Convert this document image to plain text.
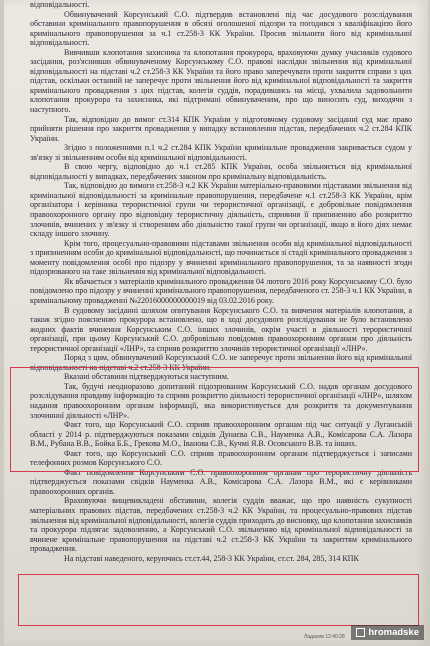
відповідальності.

Обвинувачений Корсунський С.О. підтвердив встановлені під час досудового розслідування обставини кримінального правопорушення в обсязі оголошеної підозри та погодився з кваліфікацією його кримінального правопорушення за ч.1 ст.258-3 КК України. Просив звільнити його від кримінальної відповідальності.

Вивчивши клопотання захисника та клопотання прокурора, враховуючи думку учасників судового засідання, роз'яснивши обвинуваченому Корсунському С.О. правові наслідки звільнення від кримінальної відповідальності на підставі ч.2 ст.258-3 КК України та його право заперечувати проти закриття справи з цих підстав, оскільки останній не заперечує проти звільнення його від кримінальної відповідальності та закриття кримінального провадження з цих підстав, колегія суддів, порадившись на місці, ухвалила задовольнити клопотання прокурора та захисника, які підтримані обвинуваченим, про що виносить суд, виходячи з наступного.

Так, відповідно до вимог ст.314 КПК України у підготовчому судовому засіданні суд має право прийняти рішення про закриття провадження у випадку встановлення підстав, передбачених ч.2 ст.284 КПК України.

Згідно з положеннями п.1 ч.2 ст.284 КПК України кримінальне провадження закривається судом у зв'язку зі звільненням особи від кримінальної відповідальності.

В свою чергу, відповідно до ч.1 ст.285 КПК України, особа звільняється від кримінальної відповідальності у випадках, передбачених законом про кримінальну відповідальність.

Так, відповідно до вимоги ст.258-3 ч.2 КК України матеріально-правовими підставами звільнення від кримінальної відповідальності за кримінальне правопорушення, передбачене ч.1 ст.258-3 КК України, крім організатора і керівника терористичної групи чи терористичної організації, є добровільне повідомлення правоохоронного органу про відповідну терористичну діяльність, сприяння її припиненню або розкриттю злочинів, вчинених у зв'язку зі створенням або діяльністю такої групи чи організації, якщо в його діях немає складу іншого злочину.

Крім того, процесуально-правовими підставами звільнення особи від кримінальної відповідальності з припиненням особи до кримінальної відповідальності, що починається зі стадії кримінального провадження з моменту повідомлення особі про підозру у вчиненні кримінального правопорушення, та за наявності згоди підозрюваного на таке звільнення від кримінальної відповідальності.

Як вбачається з матеріалів кримінального провадження 04 лютого 2016 року Корсунському С.О. було повідомлено про підозру у вчиненні кримінального правопорушення, передбаченого ст. 258-3 ч.1 КК України, в кримінальному провадженні №22016000000000019 від 03.02.2016 року.

В судовому засіданні шляхом опитування Корсунського С.О. та вивчення матеріалів клопотання, а також згідно поясненню прокурора встановлено, що в ході досудового розслідування не було встановлено жодних фактів вчинення Корсунським С.О. інших злочинів, окрім участі в діяльності терористичної організації, при цьому Корсунський С.О. добровільно повідомив правоохоронним органам про діяльність терористичної організації «ЛНР», та сприяв розкриттю злочинів терористичної організації «ЛНР».

Поряд з цим, обвинувачений Корсунський С.О. не заперечує проти звільнення його від кримінальної відповідальності на підставі ч.2 ст.258-3 КК України.

Вказані обставини підтверджуються наступним.

Так, будучі неодноразово допитаний підозрюваним Корсунський С.О. надав органам досудового розслідування правдиву інформацію та сприяв розкриттю діяльності терористичної організації «ЛНР», шляхом надання правоохоронним органам інформації, яка використовується для розкриття та документування злочинної діяльності «ЛНР».

Факт того, що Корсунський С.О. сприяв правоохоронним органам під час ситуації у Луганській області у 2014 р. підтверджуються показами свідків Дунаєва С.В., Науменка А.В., Комісарова С.А. Лазора В.М., Рубана В.В., Бойка Б.Б., Грекова М.О., Іванова С.В., Кучмі Я.В. Осовського В.В. та інших.

Факт того, що Корсунський С.О. сприяв правоохоронним органам підтверджується і записами телефонних розмов Корсунського С.О.

Факт повідомлення Корсунським С.О. правоохоронним органам про терористичну діяльність підтверджується показами свідків Науменка А.В., Комісарова С.А. Лазора В.М., які є керівниками правоохоронних органів.

Враховуючи вищевикладені обставини, колегія суддів вважає, що про наявність сукупності матеріальних правових підстав, передбачених ст.258-3 ч.2 КК України, та процесуально-правових підстав звільнення від кримінальної відповідальності, колегія суддів приходить до висновку, що клопотання захисників та прокурора підлягає задоволенню, а Корсунський С.О. звільненню від кримінальної відповідальності за вчинене кримінальне правопорушення на підставі ч.2 ст.258-3 КК України та закриттям кримінального провадження.

На підставі наведеного, керуючись ст.ст.44, 258-3 КК України, ст.ст. 284, 285, 314 КПК

Ладанов 12:40:28 hromadske
